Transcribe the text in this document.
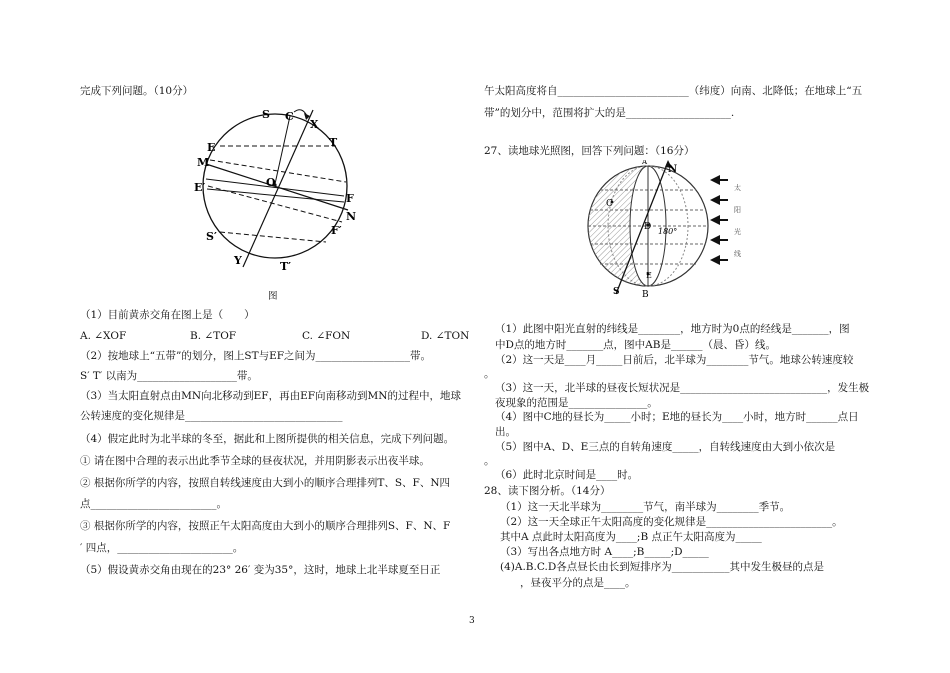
完成下列问题。（10分）
S C
X
T
E
M
O
E′
F
N
F′
S′
Y	T′
图
（1）目前黄赤交角在图上是（　　）
A. ∠XOF	B. ∠TOF	C. ∠FON	D. ∠TON
（2）按地球上“五带”的划分，图上ST与EF之间为__________________带。
S′ T′ 以南为___________________带。
（3）当太阳直射点由MN向北移动到EF，再由EF向南移动到MN的过程中，地球
公转速度的变化规律是______________________________
（4）假定此时为北半球的冬至，据此和上图所提供的相关信息，完成下列问题。
① 请在图中合理的表示出此季节全球的昼夜状况，并用阴影表示出夜半球。
② 根据你所学的内容，按照自转线速度由大到小的顺序合理排列T、S、F、N四
点________________________。
③ 根据你所学的内容，按照正午太阳高度由大到小的顺序合理排列S、F、N、F
′ 四点，______________________。
（5）假设黄赤交角由现在的23° 26′ 变为35°，这时，地球上北半球夏至日正
午太阳高度将自_________________________（纬度）向南、北降低；在地球上“五
带”的划分中，范围将扩大的是____________________.
27、读地球光照图，回答下列问题：（16分）
N
A
C
D 180°
E
S	B
太
阳
光
线
（1）此图中阳光直射的纬线是________，地方时为0点的经线是_______，图
中D点的地方时_______点，图中AB是______（晨、昏）线。
（2）这一天是____月_____日前后，北半球为________节气。地球公转速度较
。
（3）这一天，北半球的昼夜长短状况是____________________________，发生极
夜现象的范围是_______________。
（4）图中C地的昼长为_____小时；E地的昼长为____小时，地方时______点日
出。
（5）图中A、D、E三点的自转角速度_____，自转线速度由大到小依次是
。
（6）此时北京时间是____时。
28、读下图分析。（14分）
（1）这一天北半球为________节气，南半球为________季节。
（2）这一天全球正午太阳高度的变化规律是________________________。
其中A 点此时太阳高度为____;B 点正午太阳高度为_____
（3）写出各点地方时 A____;B_____;D_____
(4)A.B.C.D各点昼长由长到短排序为___________其中发生极昼的点是
，昼夜平分的点是____。
3
